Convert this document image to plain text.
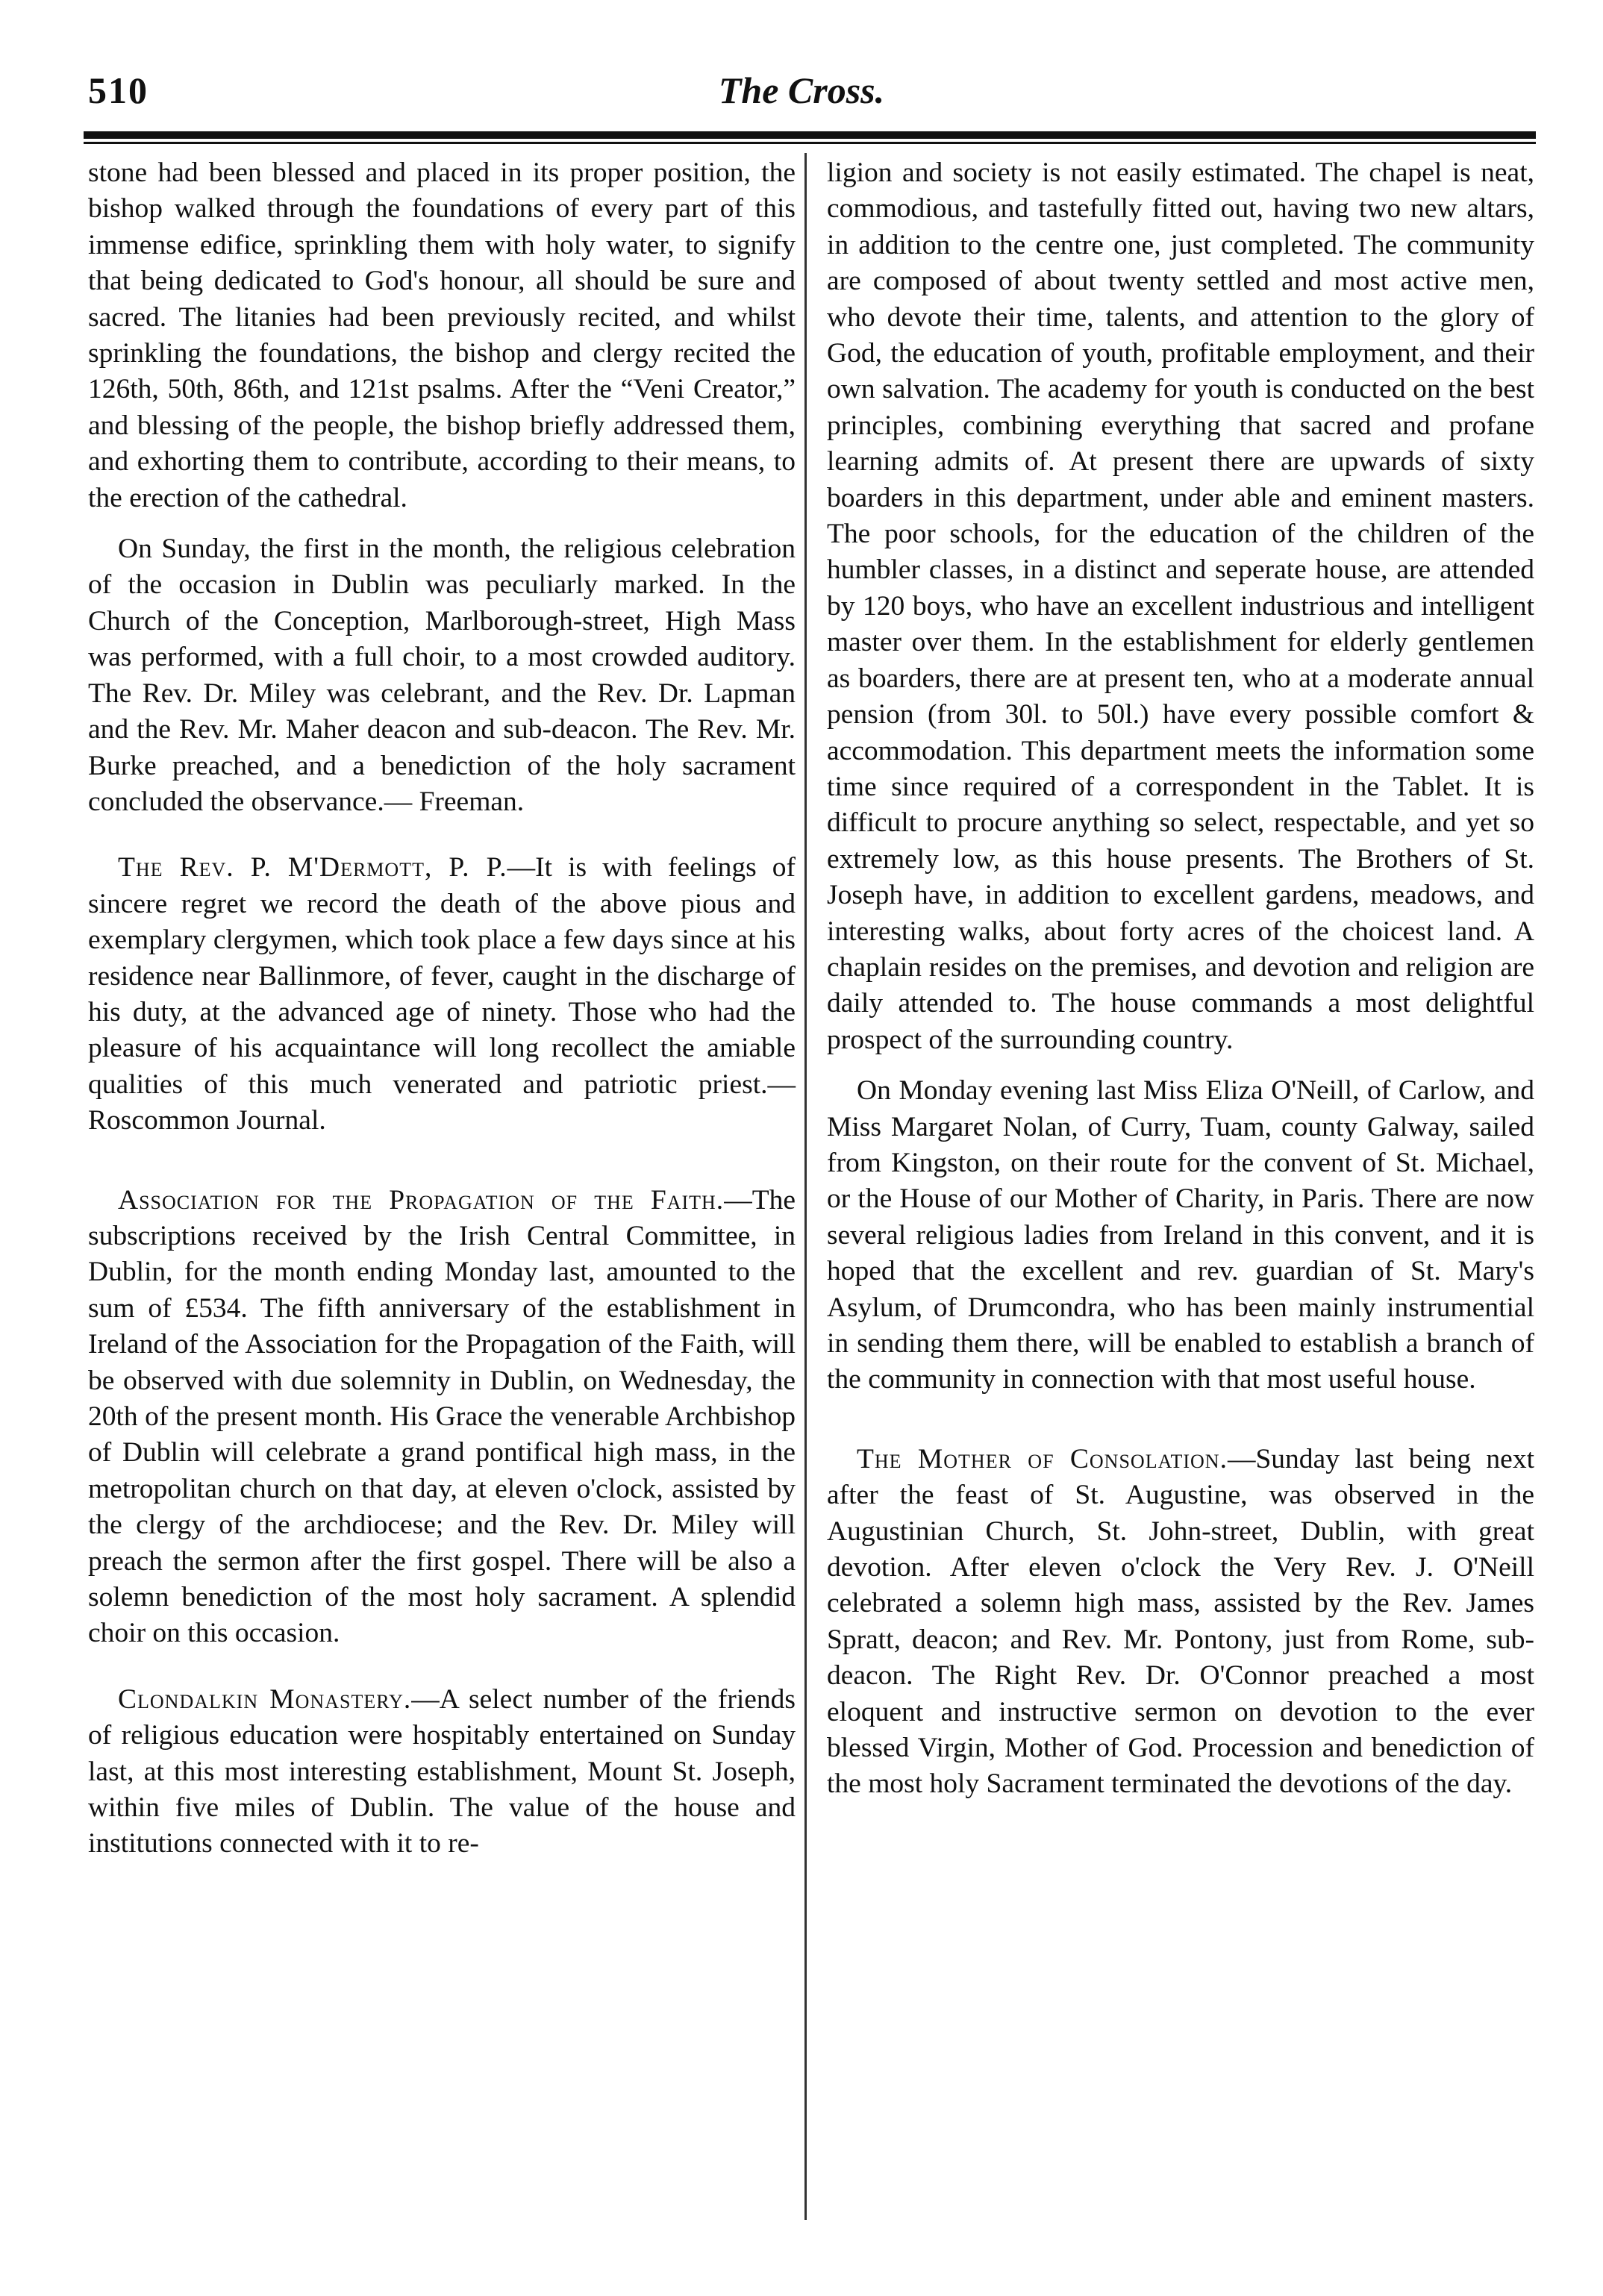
510	The Cross.

stone had been blessed and placed in its proper position, the bishop walked through the foundations of every part of this immense edifice, sprinkling them with holy water, to signify that being dedicated to God's honour, all should be sure and sacred. The litanies had been previously recited, and whilst sprinkling the foundations, the bishop and clergy recited the 126th, 50th, 86th, and 121st psalms. After the “Veni Creator,” and blessing of the people, the bishop briefly addressed them, and exhorting them to contribute, according to their means, to the erection of the cathedral.

On Sunday, the first in the month, the religious celebration of the occasion in Dublin was peculiarly marked. In the Church of the Conception, Marlborough-street, High Mass was performed, with a full choir, to a most crowded auditory. The Rev. Dr. Miley was celebrant, and the Rev. Dr. Lapman and the Rev. Mr. Maher deacon and sub-deacon. The Rev. Mr. Burke preached, and a benediction of the holy sacrament concluded the observance.— Freeman.

The Rev. P. M'Dermott, P. P.—It is with feelings of sincere regret we record the death of the above pious and exemplary clergymen, which took place a few days since at his residence near Ballinmore, of fever, caught in the discharge of his duty, at the advanced age of ninety. Those who had the pleasure of his acquaintance will long recollect the amiable qualities of this much venerated and patriotic priest.—Roscommon Journal.

Association for the Propagation of the Faith.—The subscriptions received by the Irish Central Committee, in Dublin, for the month ending Monday last, amounted to the sum of £534. The fifth anniversary of the establishment in Ireland of the Association for the Propagation of the Faith, will be observed with due solemnity in Dublin, on Wednesday, the 20th of the present month. His Grace the venerable Archbishop of Dublin will celebrate a grand pontifical high mass, in the metropolitan church on that day, at eleven o'clock, assisted by the clergy of the archdiocese; and the Rev. Dr. Miley will preach the sermon after the first gospel. There will be also a solemn benediction of the most holy sacrament. A splendid choir on this occasion.

Clondalkin Monastery.—A select number of the friends of religious education were hospitably entertained on Sunday last, at this most interesting establishment, Mount St. Joseph, within five miles of Dublin. The value of the house and institutions connected with it to re-

ligion and society is not easily estimated. The chapel is neat, commodious, and tastefully fitted out, having two new altars, in addition to the centre one, just completed. The community are composed of about twenty settled and most active men, who devote their time, talents, and attention to the glory of God, the education of youth, profitable employment, and their own salvation. The academy for youth is conducted on the best principles, combining everything that sacred and profane learning admits of. At present there are upwards of sixty boarders in this department, under able and eminent masters. The poor schools, for the education of the children of the humbler classes, in a distinct and seperate house, are attended by 120 boys, who have an excellent industrious and intelligent master over them. In the establishment for elderly gentlemen as boarders, there are at present ten, who at a moderate annual pension (from 30l. to 50l.) have every possible comfort & accommodation. This department meets the information some time since required of a correspondent in the Tablet. It is difficult to procure anything so select, respectable, and yet so extremely low, as this house presents. The Brothers of St. Joseph have, in addition to excellent gardens, meadows, and interesting walks, about forty acres of the choicest land. A chaplain resides on the premises, and devotion and religion are daily attended to. The house commands a most delightful prospect of the surrounding country.

On Monday evening last Miss Eliza O'Neill, of Carlow, and Miss Margaret Nolan, of Curry, Tuam, county Galway, sailed from Kingston, on their route for the convent of St. Michael, or the House of our Mother of Charity, in Paris. There are now several religious ladies from Ireland in this convent, and it is hoped that the excellent and rev. guardian of St. Mary's Asylum, of Drumcondra, who has been mainly instrumential in sending them there, will be enabled to establish a branch of the community in connection with that most useful house.

The Mother of Consolation.—Sunday last being next after the feast of St. Augustine, was observed in the Augustinian Church, St. John-street, Dublin, with great devotion. After eleven o'clock the Very Rev. J. O'Neill celebrated a solemn high mass, assisted by the Rev. James Spratt, deacon; and Rev. Mr. Pontony, just from Rome, sub-deacon. The Right Rev. Dr. O'Connor preached a most eloquent and instructive sermon on devotion to the ever blessed Virgin, Mother of God. Procession and benediction of the most holy Sacrament terminated the devotions of the day.
